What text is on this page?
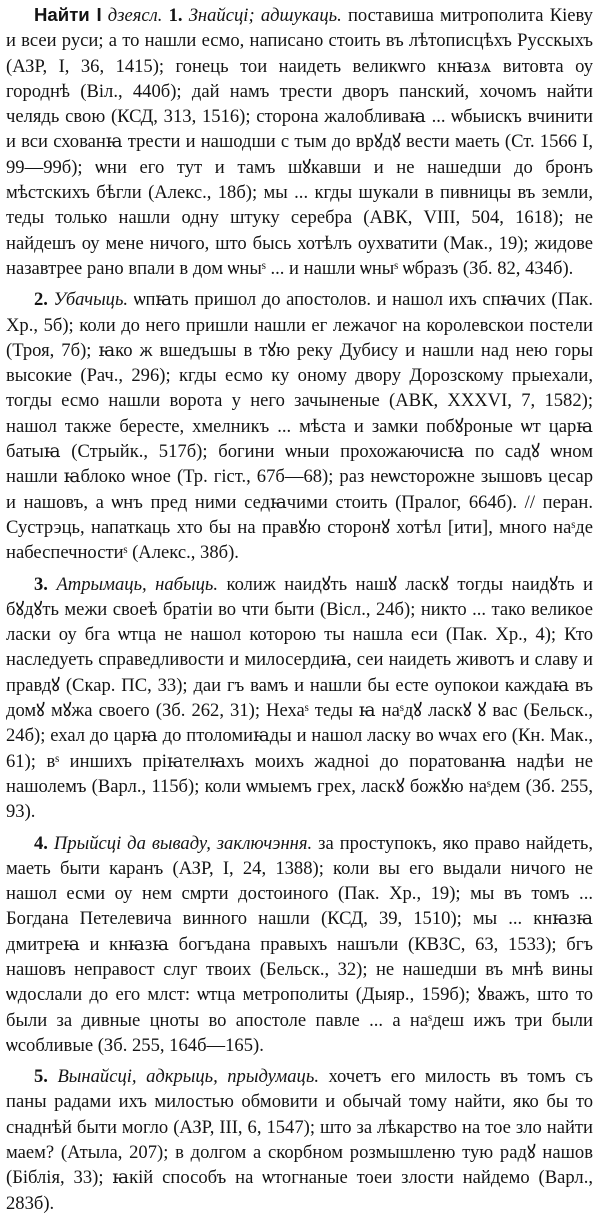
Найти I дзеясл. 1. Знайсці; адшукаць. поставиша митрополита Кіеву и всеи руси; а то нашли есмо, написано стоить въ лѣтописцѣхъ Русскыхъ (АЗР, І, 36, 1415); гонець тои наидеть великѡго кнꙗзѧ витовта оу городнѣ (Віл., 440б); дай намъ трести дворъ панский, хочомъ найти челядь свою (КСД, 313, 1516); сторона жалобливаꙗ ... ѡбыискъ вчинити и вси схованꙗ трести и нашодши с тым до врꙋдꙋ вести маеть (Ст. 1566 І, 99—99б); ѡни его тут и тамъ шꙋкавши и не нашедши до бронъ мѣстскихъ бѣгли (Алекс., 18б); мы ... кгды шукали в пивницы въ земли, теды только нашли одну штуку серебра (АВК, VIII, 504, 1618); не найдешъ оу мене ничого, што бысь хотѣлъ оухватити (Мак., 19); жидове назавтрее рано впали в дом ѡныˢ ... и нашли ѡныˢ ѡбразъ (Зб. 82, 434б).

2. Убачыць. ѡпꙗть пришол до апостолов. и нашол ихъ спꙗчих (Пак. Хр., 5б); коли до него пришли нашли ег лежачог на королевскои постели (Троя, 7б); ꙗко ж вшедъшы в тꙋю реку Дубису и нашли над нею горы высокие (Рач., 296); кгды есмо ку оному двору Дорозскому прыехали, тогды есмо нашли ворота у него зачыненые (АВК, XXXVI, 7, 1582); нашол также бересте, хмелникъ ... мѣста и замки побꙋроные ѡт царꙗ батыꙗ (Стрыйк., 517б); богини ѡныи прохожаючисꙗ по садꙋ ѡном нашли ꙗблоко ѡное (Тр. гіст., 67б—68); раз неѡсторожне зышовъ цесар и нашовъ, а ѡнъ пред ними седꙗчими стоить (Пралог, 664б). // перан. Сустрэць, напаткаць хто бы на правꙋю сторонꙋ хотѣл [ити], много наˢде набеспечностиˢ (Алекс., 38б).

3. Атрымаць, набыць. колиж наидꙋть нашꙋ ласкꙋ тогды наидꙋть и бꙋдꙋть межи своеѣ братіи во чти быти (Вісл., 24б); никто ... тако великое ласки оу бга ѡтца не нашол которою ты нашла еси (Пак. Хр., 4); Кто наследуеть справедливости и милосердиꙗ, сеи наидеть животъ и славу и правдꙋ (Скар. ПС, 33); даи гъ вамъ и нашли бы есте оупокои каждаꙗ въ домꙋ мꙋжа своего (Зб. 262, 31); Нехаˢ теды ꙗ наˢдꙋ ласкꙋ ꙋ вас (Бельск., 24б); ехал до царꙗ до птоломиꙗды и нашол ласку во ѡчах его (Кн. Мак., 61); вˢ иншихъ пріꙗтелꙗхъ моихъ жадноi до поратованꙗ надѣи не нашолемъ (Варл., 115б); коли ѡмыемъ грех, ласкꙋ божꙋю наˢдем (Зб. 255, 93).

4. Прыйсці да вываду, заключэння. за проступокъ, яко право найдеть, маеть быти каранъ (АЗР, І, 24, 1388); коли вы его выдали ничого не нашол есми оу нем смрти достоиного (Пак. Хр., 19); мы въ томъ ... Богдана Петелевича винного нашли (КСД, 39, 1510); мы ... кнꙗзꙗ дмитреꙗ и кнꙗзꙗ богъдана правыхъ нашъли (КВЗС, 63, 1533); бгъ нашовъ неправост слуг твоих (Бельск., 32); не нашедши въ мнѣ вины ѡдослали до его млст: ѡтца метрополиты (Дыяр., 159б); ꙋважъ, што то были за дивные цноты во апостоле павле ... а наˢдеш ижъ три были ѡсобливые (Зб. 255, 164б—165).

5. Вынайсці, адкрыць, прыдумаць. хочетъ его милость въ томъ съ паны радами ихъ милостью обмовити и обычай тому найти, яко бы то снаднѣй быти могло (АЗР, III, 6, 1547); што за лѣкарство на тое зло найти маем? (Атыла, 207); в долгом а скорбном розмышленю тую радꙋ нашов (Біблія, 33); ꙗкій способъ на ѡтогнаные тоеи злости найдемо (Варл., 283б).
